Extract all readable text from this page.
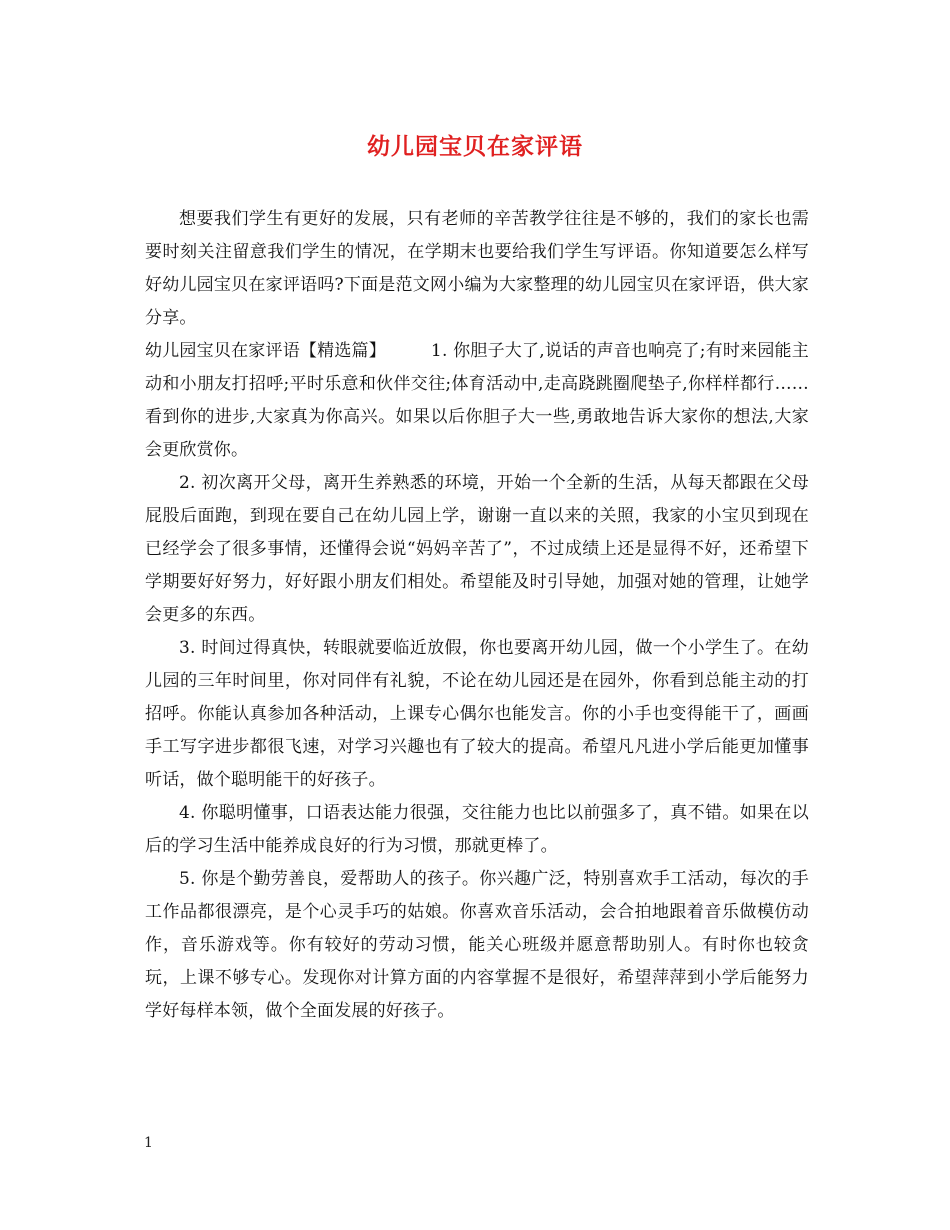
幼儿园宝贝在家评语

想要我们学生有更好的发展，只有老师的辛苦教学往往是不够的，我们的家长也需要时刻关注留意我们学生的情况，在学期末也要给我们学生写评语。你知道要怎么样写好幼儿园宝贝在家评语吗?下面是范文网小编为大家整理的幼儿园宝贝在家评语，供大家分享。

幼儿园宝贝在家评语【精选篇】	1. 你胆子大了,说话的声音也响亮了;有时来园能主动和小朋友打招呼;平时乐意和伙伴交往;体育活动中,走高跷跳圈爬垫子,你样样都行……看到你的进步,大家真为你高兴。如果以后你胆子大一些,勇敢地告诉大家你的想法,大家会更欣赏你。

2. 初次离开父母，离开生养熟悉的环境，开始一个全新的生活，从每天都跟在父母屁股后面跑，到现在要自己在幼儿园上学，谢谢一直以来的关照，我家的小宝贝到现在已经学会了很多事情，还懂得会说“妈妈辛苦了”，不过成绩上还是显得不好，还希望下学期要好好努力，好好跟小朋友们相处。希望能及时引导她，加强对她的管理，让她学会更多的东西。

3. 时间过得真快，转眼就要临近放假，你也要离开幼儿园，做一个小学生了。在幼儿园的三年时间里，你对同伴有礼貌，不论在幼儿园还是在园外，你看到总能主动的打招呼。你能认真参加各种活动，上课专心偶尔也能发言。你的小手也变得能干了，画画手工写字进步都很飞速，对学习兴趣也有了较大的提高。希望凡凡进小学后能更加懂事听话，做个聪明能干的好孩子。

4. 你聪明懂事，口语表达能力很强，交往能力也比以前强多了，真不错。如果在以后的学习生活中能养成良好的行为习惯，那就更棒了。

5. 你是个勤劳善良，爱帮助人的孩子。你兴趣广泛，特别喜欢手工活动，每次的手工作品都很漂亮，是个心灵手巧的姑娘。你喜欢音乐活动，会合拍地跟着音乐做模仿动作，音乐游戏等。你有较好的劳动习惯，能关心班级并愿意帮助别人。有时你也较贪玩，上课不够专心。发现你对计算方面的内容掌握不是很好，希望萍萍到小学后能努力学好每样本领，做个全面发展的好孩子。

1
